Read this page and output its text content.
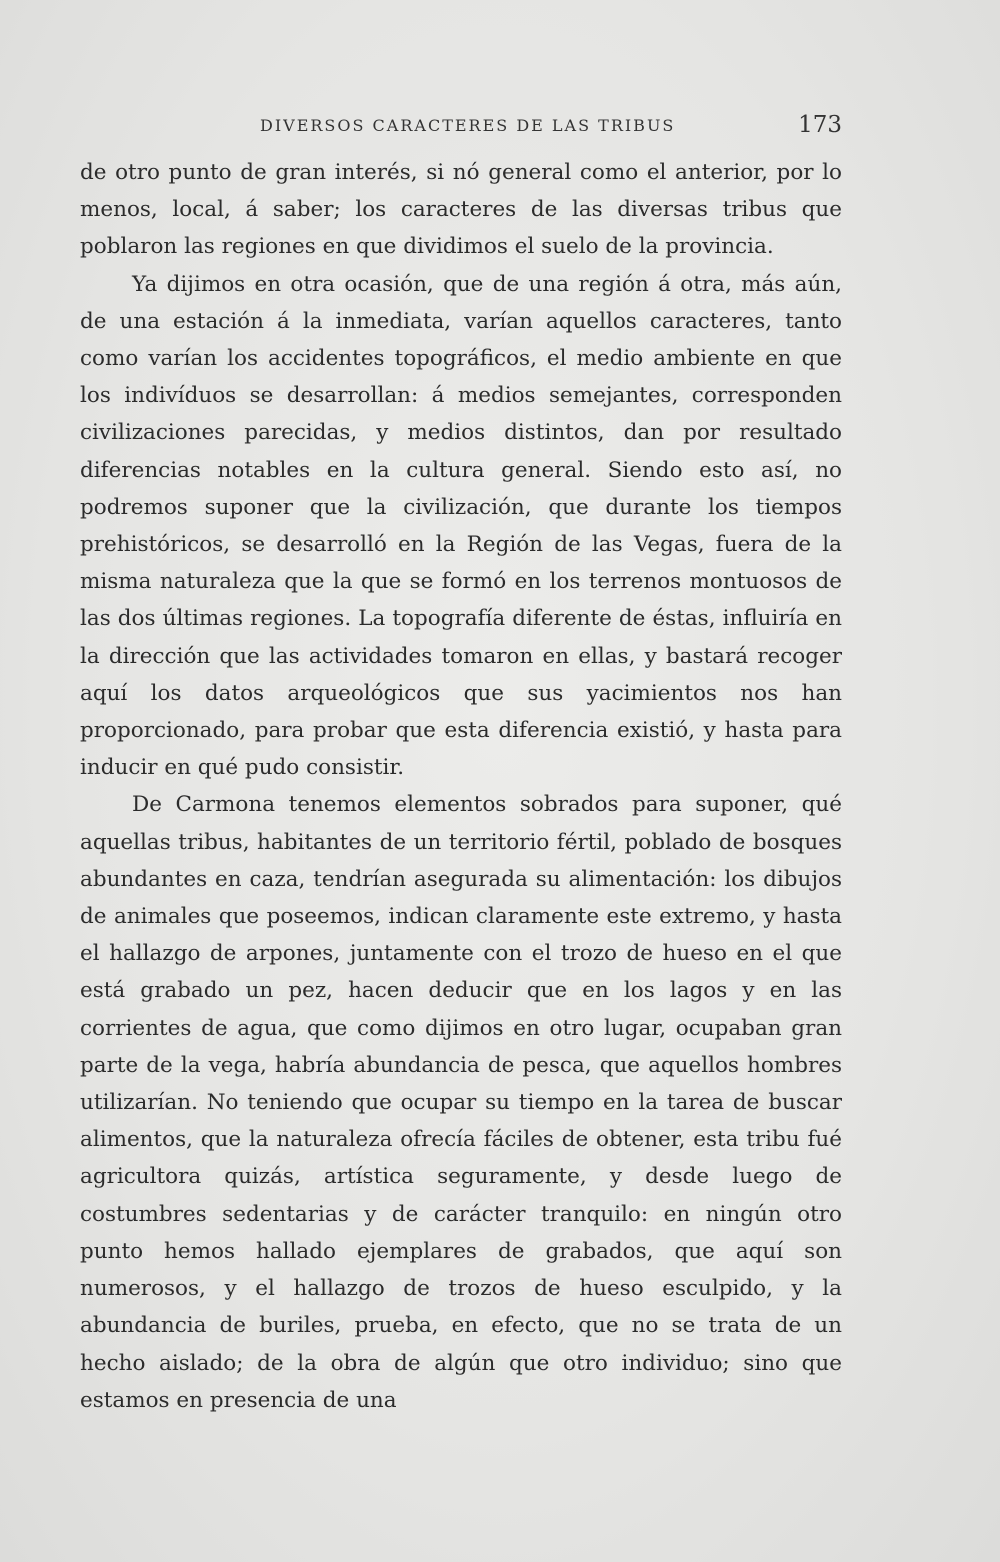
DIVERSOS CARACTERES DE LAS TRIBUS	173

de otro punto de gran interés, si nó general como el anterior, por lo menos, local, á saber; los caracteres de las diversas tribus que poblaron las regiones en que dividimos el suelo de la provincia.

Ya dijimos en otra ocasión, que de una región á otra, más aún, de una estación á la inmediata, varían aquellos caracteres, tanto como varían los accidentes topográficos, el medio ambiente en que los indivíduos se desarrollan: á medios semejantes, corresponden civilizaciones parecidas, y medios distintos, dan por resultado diferencias notables en la cultura general. Siendo esto así, no podremos suponer que la civilización, que durante los tiempos prehistóricos, se desarrolló en la Región de las Vegas, fuera de la misma naturaleza que la que se formó en los terrenos montuosos de las dos últimas regiones. La topografía diferente de éstas, influiría en la dirección que las actividades tomaron en ellas, y bastará recoger aquí los datos arqueológicos que sus yacimientos nos han proporcionado, para probar que esta diferencia existió, y hasta para inducir en qué pudo consistir.

De Carmona tenemos elementos sobrados para suponer, qué aquellas tribus, habitantes de un territorio fértil, poblado de bosques abundantes en caza, tendrían asegurada su alimentación: los dibujos de animales que poseemos, indican claramente este extremo, y hasta el hallazgo de arpones, juntamente con el trozo de hueso en el que está grabado un pez, hacen deducir que en los lagos y en las corrientes de agua, que como dijimos en otro lugar, ocupaban gran parte de la vega, habría abundancia de pesca, que aquellos hombres utilizarían. No teniendo que ocupar su tiempo en la tarea de buscar alimentos, que la naturaleza ofrecía fáciles de obtener, esta tribu fué agricultora quizás, artística seguramente, y desde luego de costumbres sedentarias y de carácter tranquilo: en ningún otro punto hemos hallado ejemplares de grabados, que aquí son numerosos, y el hallazgo de trozos de hueso esculpido, y la abundancia de buriles, prueba, en efecto, que no se trata de un hecho aislado; de la obra de algún que otro individuo; sino que estamos en presencia de una
